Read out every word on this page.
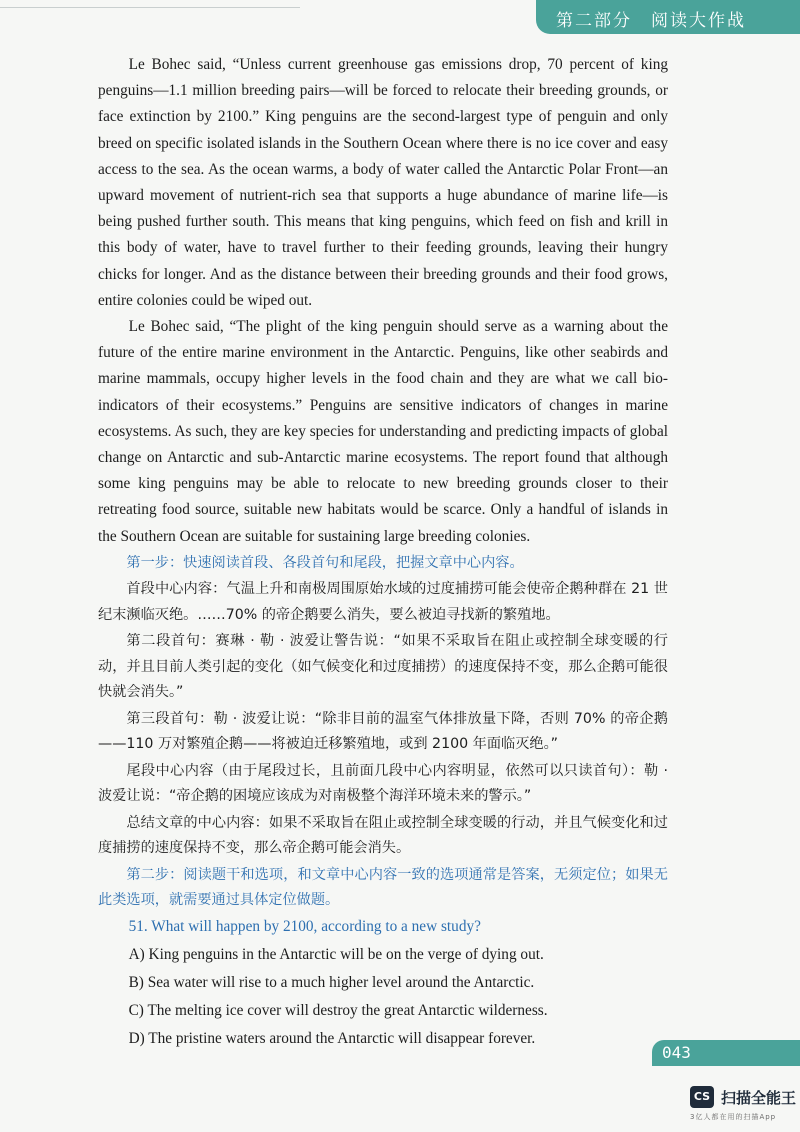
第二部分　阅读大作战

Le Bohec said, “Unless current greenhouse gas emissions drop, 70 percent of king penguins—1.1 million breeding pairs—will be forced to relocate their breeding grounds, or face extinction by 2100.” King penguins are the second-largest type of penguin and only breed on specific isolated islands in the Southern Ocean where there is no ice cover and easy access to the sea. As the ocean warms, a body of water called the Antarctic Polar Front—an upward movement of nutrient-rich sea that supports a huge abundance of marine life—is being pushed further south. This means that king penguins, which feed on fish and krill in this body of water, have to travel further to their feeding grounds, leaving their hungry chicks for longer. And as the distance between their breeding grounds and their food grows, entire colonies could be wiped out.

Le Bohec said, “The plight of the king penguin should serve as a warning about the future of the entire marine environment in the Antarctic. Penguins, like other seabirds and marine mammals, occupy higher levels in the food chain and they are what we call bio-indicators of their ecosystems.” Penguins are sensitive indicators of changes in marine ecosystems. As such, they are key species for understanding and predicting impacts of global change on Antarctic and sub-Antarctic marine ecosystems. The report found that although some king penguins may be able to relocate to new breeding grounds closer to their retreating food source, suitable new habitats would be scarce. Only a handful of islands in the Southern Ocean are suitable for sustaining large breeding colonies.

第一步：快速阅读首段、各段首句和尾段，把握文章中心内容。

首段中心内容：气温上升和南极周围原始水域的过度捕捞可能会使帝企鹅种群在 21 世纪末濒临灭绝。……70% 的帝企鹅要么消失，要么被迫寻找新的繁殖地。

第二段首句：赛琳 · 勒 · 波爱让警告说：“如果不采取旨在阻止或控制全球变暖的行动，并且目前人类引起的变化（如气候变化和过度捕捞）的速度保持不变，那么企鹅可能很快就会消失。”

第三段首句：勒 · 波爱让说：“除非目前的温室气体排放量下降，否则 70% 的帝企鹅——110 万对繁殖企鹅——将被迫迁移繁殖地，或到 2100 年面临灭绝。”

尾段中心内容（由于尾段过长，且前面几段中心内容明显，依然可以只读首句）：勒 · 波爱让说：“帝企鹅的困境应该成为对南极整个海洋环境未来的警示。”

总结文章的中心内容：如果不采取旨在阻止或控制全球变暖的行动，并且气候变化和过度捕捞的速度保持不变，那么帝企鹅可能会消失。

第二步：阅读题干和选项，和文章中心内容一致的选项通常是答案，无须定位；如果无此类选项，就需要通过具体定位做题。

51. What will happen by 2100, according to a new study?

A) King penguins in the Antarctic will be on the verge of dying out.

B) Sea water will rise to a much higher level around the Antarctic.

C) The melting ice cover will destroy the great Antarctic wilderness.

D) The pristine waters around the Antarctic will disappear forever.

043
CS 扫描全能王
3亿人都在用的扫描App
